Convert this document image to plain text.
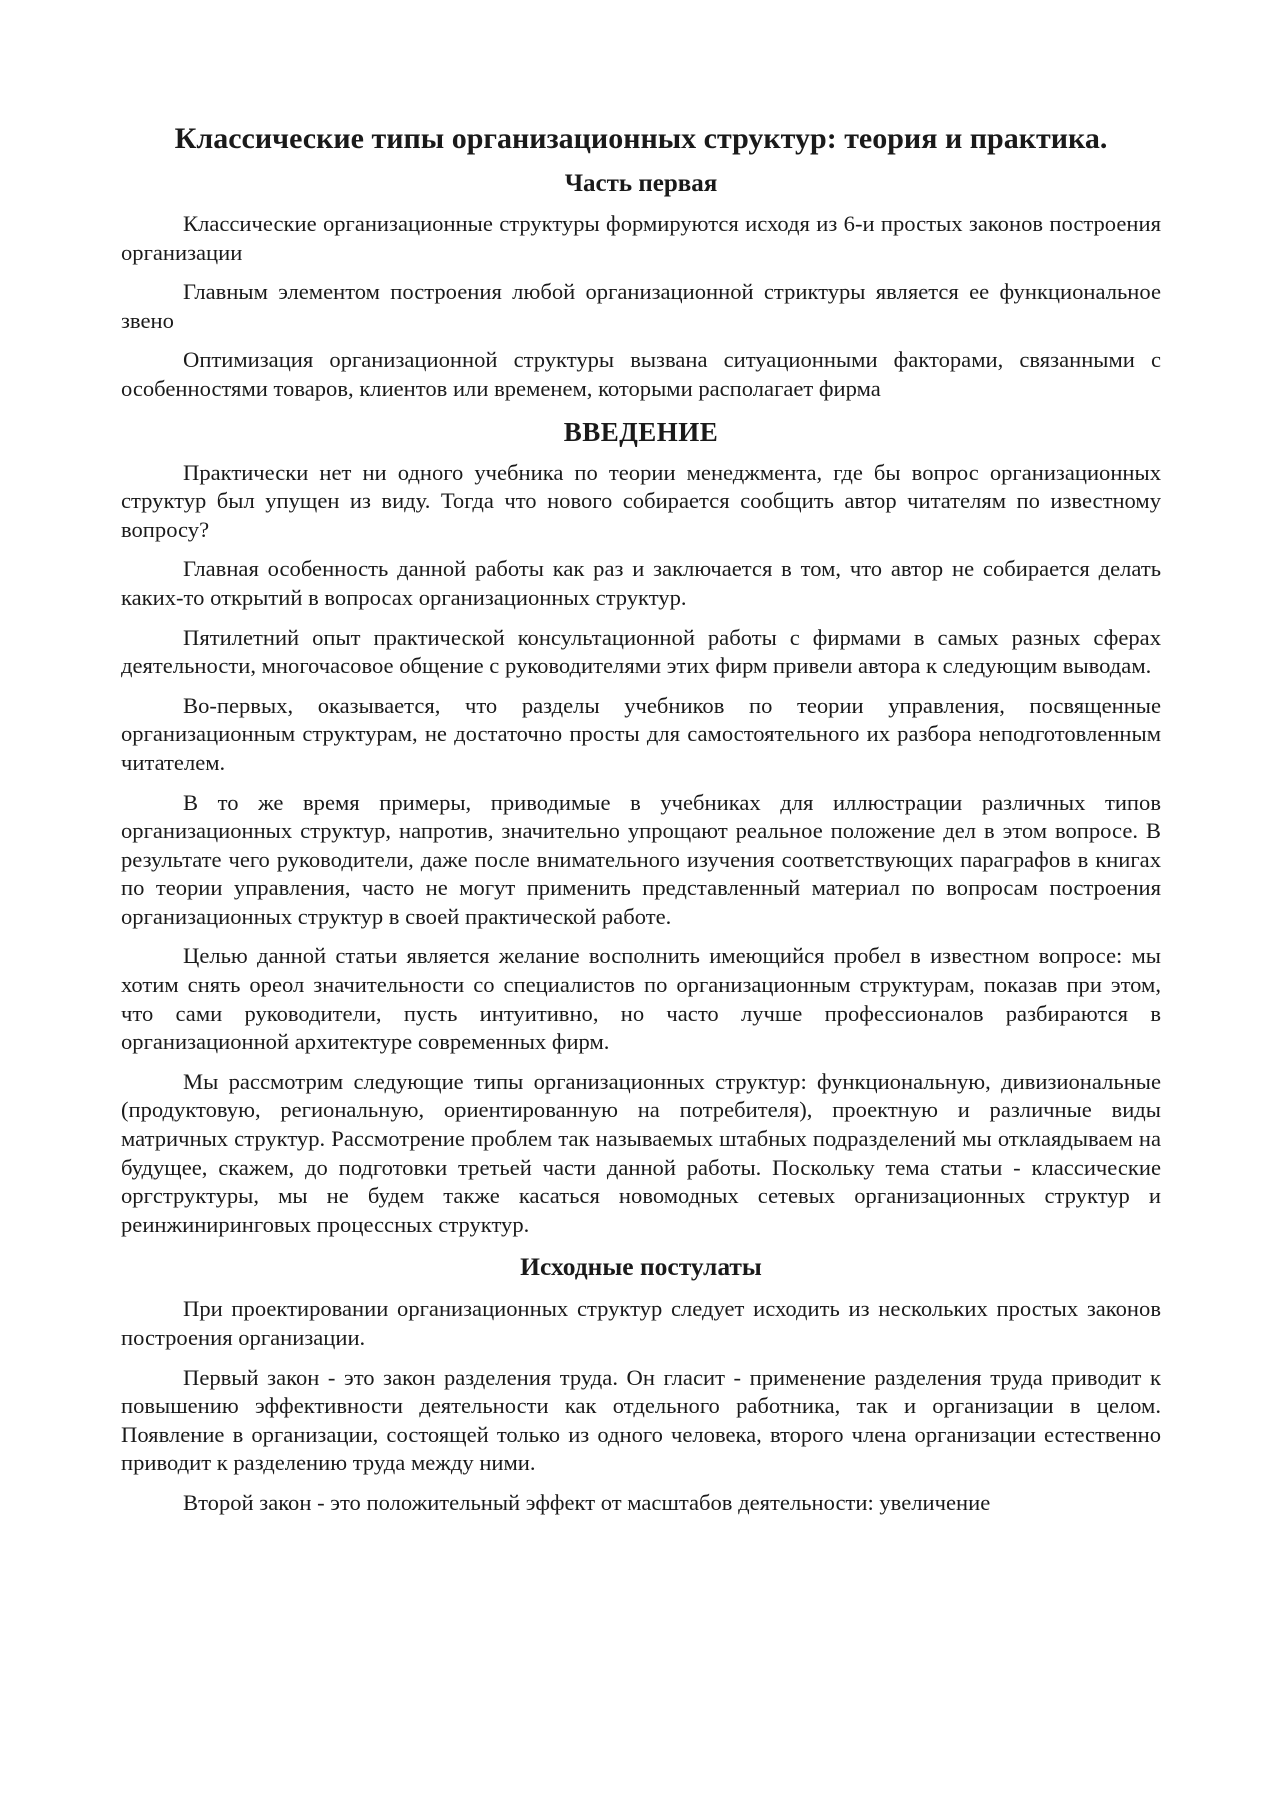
Классические типы организационных структур: теория и практика.
Часть первая

Классические организационные структуры формируются исходя из 6-и простых законов построения организации

Главным элементом построения любой организационной стриктуры является ее функциональное звено

Оптимизация организационной структуры вызвана ситуационными факторами, связанными с особенностями товаров, клиентов или временем, которыми располагает фирма

ВВЕДЕНИЕ

Практически нет ни одного учебника по теории менеджмента, где бы вопрос организационных структур был упущен из виду. Тогда что нового собирается сообщить автор читателям по известному вопросу?

Главная особенность данной работы как раз и заключается в том, что автор не собирается делать каких-то открытий в вопросах организационных структур.

Пятилетний опыт практической консультационной работы с фирмами в самых разных сферах деятельности, многочасовое общение с руководителями этих фирм привели автора к следующим выводам.

Во-первых, оказывается, что разделы учебников по теории управления, посвященные организационным структурам, не достаточно просты для самостоятельного их разбора неподготовленным читателем.

В то же время примеры, приводимые в учебниках для иллюстрации различных типов организационных структур, напротив, значительно упрощают реальное положение дел в этом вопросе. В результате чего руководители, даже после внимательного изучения соответствующих параграфов в книгах по теории управления, часто не могут применить представленный материал по вопросам построения организационных структур в своей практической работе.

Целью данной статьи является желание восполнить имеющийся пробел в известном вопросе: мы хотим снять ореол значительности со специалистов по организационным структурам, показав при этом, что сами руководители, пусть интуитивно, но часто лучше профессионалов разбираются в организационной архитектуре современных фирм.

Мы рассмотрим следующие типы организационных структур: функциональную, дивизиональные (продуктовую, региональную, ориентированную на потребителя), проектную и различные виды матричных структур. Рассмотрение проблем так называемых штабных подразделений мы отклаядываем на будущее, скажем, до подготовки третьей части данной работы. Поскольку тема статьи - классические оргструктуры, мы не будем также касаться новомодных сетевых организационных структур и реинжиниринговых процессных структур.

Исходные постулаты

При проектировании организационных структур следует исходить из нескольких простых законов построения организации.

Первый закон - это закон разделения труда. Он гласит - применение разделения труда приводит к повышению эффективности деятельности как отдельного работника, так и организации в целом. Появление в организации, состоящей только из одного человека, второго члена организации естественно приводит к разделению труда между ними.

Второй закон - это положительный эффект от масштабов деятельности: увеличение
